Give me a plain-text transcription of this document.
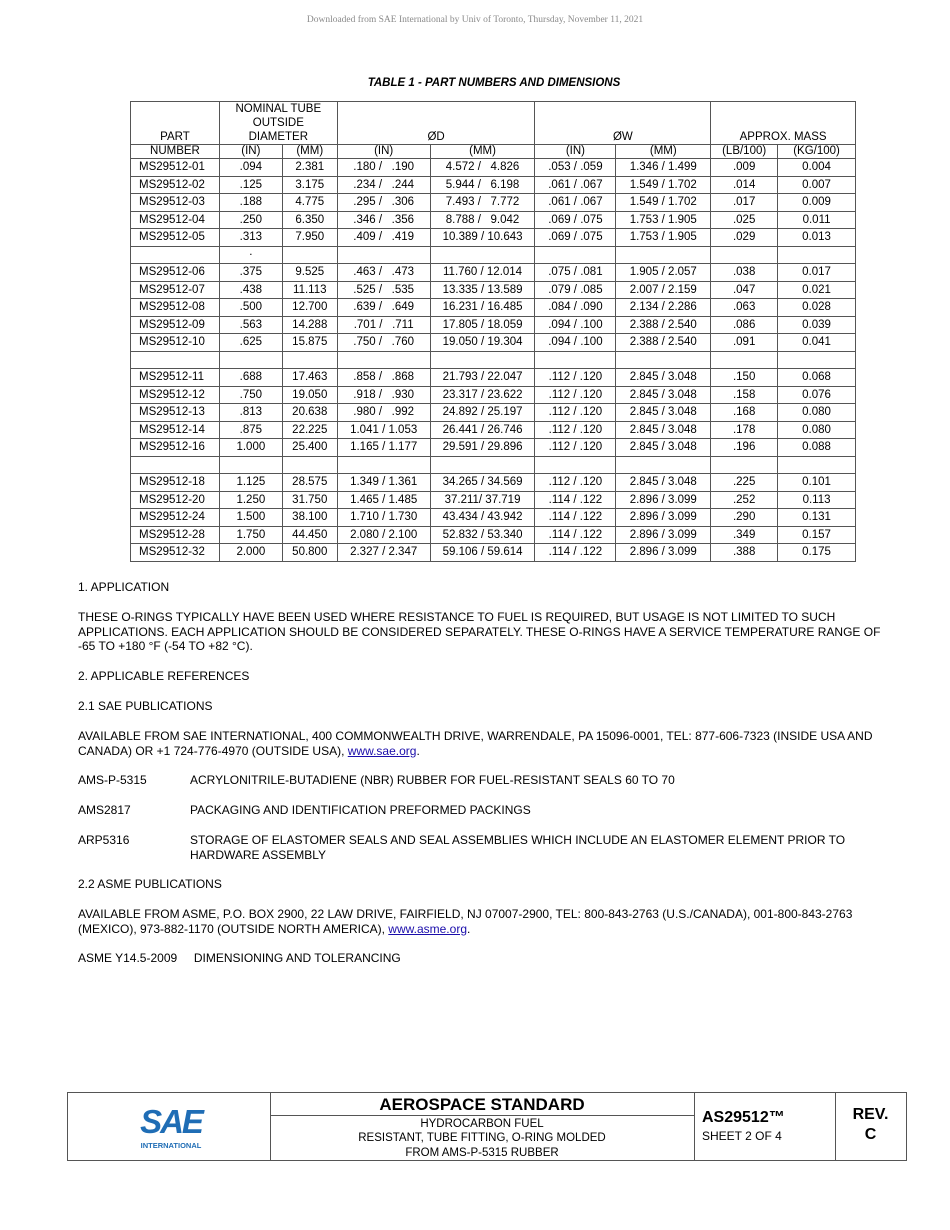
Downloaded from SAE International by Univ of Toronto, Thursday, November 11, 2021
TABLE 1 - PART NUMBERS AND DIMENSIONS
PART	NOMINAL TUBE
OUTSIDE
DIAMETER		ØD		ØW		APPROX. MASS	
NUMBER	(IN)	(MM)	(IN)	(MM)	(IN)	(MM)	(LB/100)	(KG/100)
MS29512-01	.094	2.381	.180 /   .190	4.572 /   4.826	.053 / .059	1.346 / 1.499	.009	0.004
MS29512-02	.125	3.175	.234 /   .244	5.944 /   6.198	.061 / .067	1.549 / 1.702	.014	0.007
MS29512-03	.188	4.775	.295 /   .306	7.493 /   7.772	.061 / .067	1.549 / 1.702	.017	0.009
MS29512-04	.250	6.350	.346 /   .356	8.788 /   9.042	.069 / .075	1.753 / 1.905	.025	0.011
MS29512-05	.313	7.950	.409 /   .419	10.389 / 10.643	.069 / .075	1.753 / 1.905	.029	0.013
	.							
MS29512-06	.375	9.525	.463 /   .473	11.760 / 12.014	.075 / .081	1.905 / 2.057	.038	0.017
MS29512-07	.438	11.113	.525 /   .535	13.335 / 13.589	.079 / .085	2.007 / 2.159	.047	0.021
MS29512-08	.500	12.700	.639 /   .649	16.231 / 16.485	.084 / .090	2.134 / 2.286	.063	0.028
MS29512-09	.563	14.288	.701 /   .711	17.805 / 18.059	.094 / .100	2.388 / 2.540	.086	0.039
MS29512-10	.625	15.875	.750 /   .760	19.050 / 19.304	.094 / .100	2.388 / 2.540	.091	0.041

MS29512-11	.688	17.463	.858 /   .868	21.793 / 22.047	.112 / .120	2.845 / 3.048	.150	0.068
MS29512-12	.750	19.050	.918 /   .930	23.317 / 23.622	.112 / .120	2.845 / 3.048	.158	0.076
MS29512-13	.813	20.638	.980 /   .992	24.892 / 25.197	.112 / .120	2.845 / 3.048	.168	0.080
MS29512-14	.875	22.225	1.041 / 1.053	26.441 / 26.746	.112 / .120	2.845 / 3.048	.178	0.080
MS29512-16	1.000	25.400	1.165 / 1.177	29.591 / 29.896	.112 / .120	2.845 / 3.048	.196	0.088

MS29512-18	1.125	28.575	1.349 / 1.361	34.265 / 34.569	.112 / .120	2.845 / 3.048	.225	0.101
MS29512-20	1.250	31.750	1.465 / 1.485	37.211/ 37.719	.114 / .122	2.896 / 3.099	.252	0.113
MS29512-24	1.500	38.100	1.710 / 1.730	43.434 / 43.942	.114 / .122	2.896 / 3.099	.290	0.131
MS29512-28	1.750	44.450	2.080 / 2.100	52.832 / 53.340	.114 / .122	2.896 / 3.099	.349	0.157
MS29512-32	2.000	50.800	2.327 / 2.347	59.106 / 59.614	.114 / .122	2.896 / 3.099	.388	0.175
1. APPLICATION
THESE O-RINGS TYPICALLY HAVE BEEN USED WHERE RESISTANCE TO FUEL IS REQUIRED, BUT USAGE IS NOT LIMITED TO SUCH APPLICATIONS. EACH APPLICATION SHOULD BE CONSIDERED SEPARATELY. THESE O-RINGS HAVE A SERVICE TEMPERATURE RANGE OF -65 TO +180 °F (-54 TO +82 °C).
2. APPLICABLE REFERENCES
2.1 SAE PUBLICATIONS
AVAILABLE FROM SAE INTERNATIONAL, 400 COMMONWEALTH DRIVE, WARRENDALE, PA 15096-0001, TEL: 877-606-7323 (INSIDE USA AND CANADA) OR +1 724-776-4970 (OUTSIDE USA), www.sae.org.
AMS-P-5315	ACRYLONITRILE-BUTADIENE (NBR) RUBBER FOR FUEL-RESISTANT SEALS 60 TO 70
AMS2817	PACKAGING AND IDENTIFICATION PREFORMED PACKINGS
ARP5316	STORAGE OF ELASTOMER SEALS AND SEAL ASSEMBLIES WHICH INCLUDE AN ELASTOMER ELEMENT PRIOR TO HARDWARE ASSEMBLY
2.2 ASME PUBLICATIONS
AVAILABLE FROM ASME, P.O. BOX 2900, 22 LAW DRIVE, FAIRFIELD, NJ 07007-2900, TEL: 800-843-2763 (U.S./CANADA), 001-800-843-2763 (MEXICO), 973-882-1170 (OUTSIDE NORTH AMERICA), www.asme.org.
ASME Y14.5-2009     DIMENSIONING AND TOLERANCING
SAE
INTERNATIONAL
AEROSPACE STANDARD
HYDROCARBON FUEL
RESISTANT, TUBE FITTING, O-RING MOLDED
FROM AMS-P-5315 RUBBER
AS29512™
SHEET 2 OF 4
REV.
C
